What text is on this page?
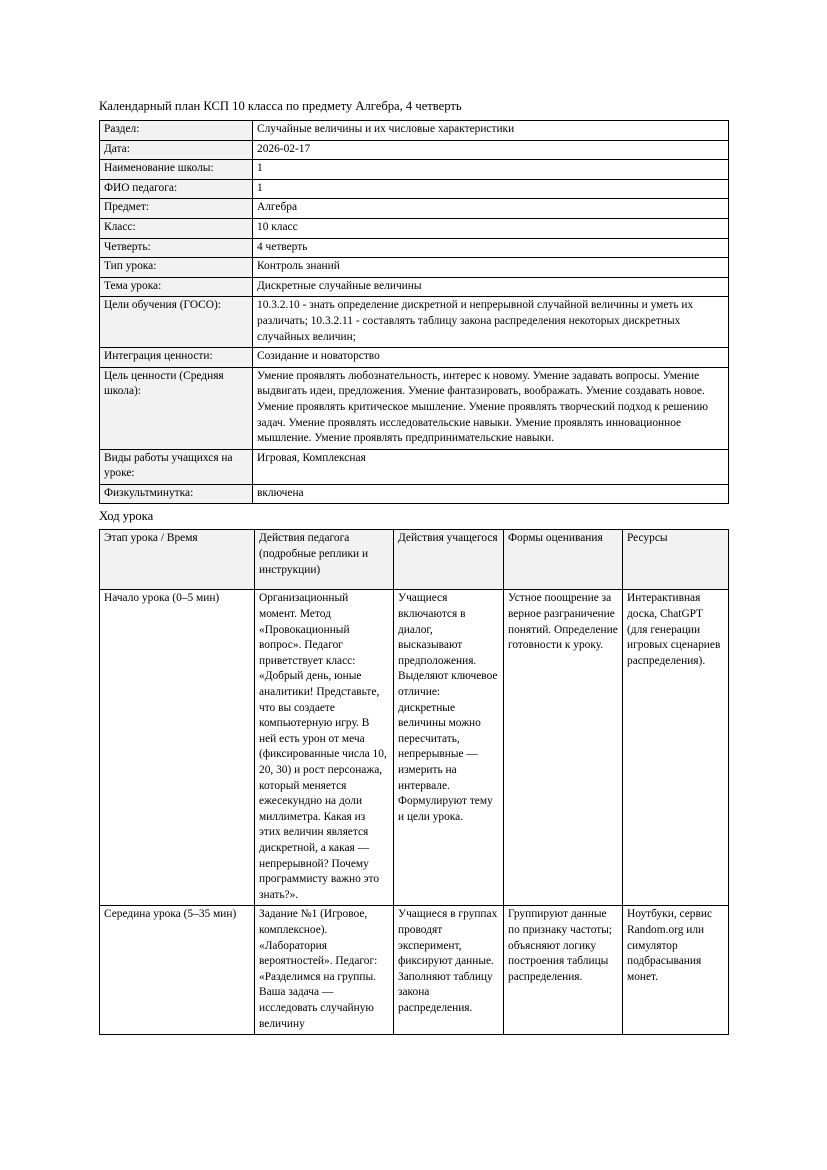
Календарный план КСП 10 класса по предмету Алгебра, 4 четверть
Раздел:	Случайные величины и их числовые характеристики
Дата:	2026-02-17
Наименование школы:	1
ФИО педагога:	1
Предмет:	Алгебра
Класс:	10 класс
Четверть:	4 четверть
Тип урока:	Контроль знаний
Тема урока:	Дискретные случайные величины
Цели обучения (ГОСО):	10.3.2.10 - знать определение дискретной и непрерывной случайной величины и уметь их различать; 10.3.2.11 - составлять таблицу закона распределения некоторых дискретных случайных величин;
Интеграция ценности:	Созидание и новаторство
Цель ценности (Средняя школа):	Умение проявлять любознательность, интерес к новому. Умение задавать вопросы. Умение выдвигать идеи, предложения. Умение фантазировать, воображать. Умение создавать новое. Умение проявлять критическое мышление. Умение проявлять творческий подход к решению задач. Умение проявлять исследовательские навыки. Умение проявлять инновационное мышление. Умение проявлять предпринимательские навыки.
Виды работы учащихся на уроке:	Игровая, Комплексная
Физкультминутка:	включена
Ход урока
Этап урока / Время	Действия педагога (подробные реплики и инструкции)	Действия учащегося	Формы оценивания	Ресурсы
Начало урока (0–5 мин)	Организационный момент. Метод «Провокационный вопрос». Педагог приветствует класс: «Добрый день, юные аналитики! Представьте, что вы создаете компьютерную игру. В ней есть урон от меча (фиксированные числа 10, 20, 30) и рост персонажа, который меняется ежесекундно на доли миллиметра. Какая из этих величин является дискретной, а какая — непрерывной? Почему программисту важно это знать?».	Учащиеся включаются в диалог, высказывают предположения. Выделяют ключевое отличие: дискретные величины можно пересчитать, непрерывные — измерить на интервале. Формулируют тему и цели урока.	Устное поощрение за верное разграничение понятий. Определение готовности к уроку.	Интерактивная доска, ChatGPT (для генерации игровых сценариев распределения).
Середина урока (5–35 мин)	Задание №1 (Игровое, комплексное). «Лаборатория вероятностей». Педагог: «Разделимся на группы. Ваша задача — исследовать случайную величину	Учащиеся в группах проводят эксперимент, фиксируют данные. Заполняют таблицу закона распределения.	Группируют данные по признаку частоты; объясняют логику построения таблицы распределения.	Ноутбуки, сервис Random.org или симулятор подбрасывания монет.
